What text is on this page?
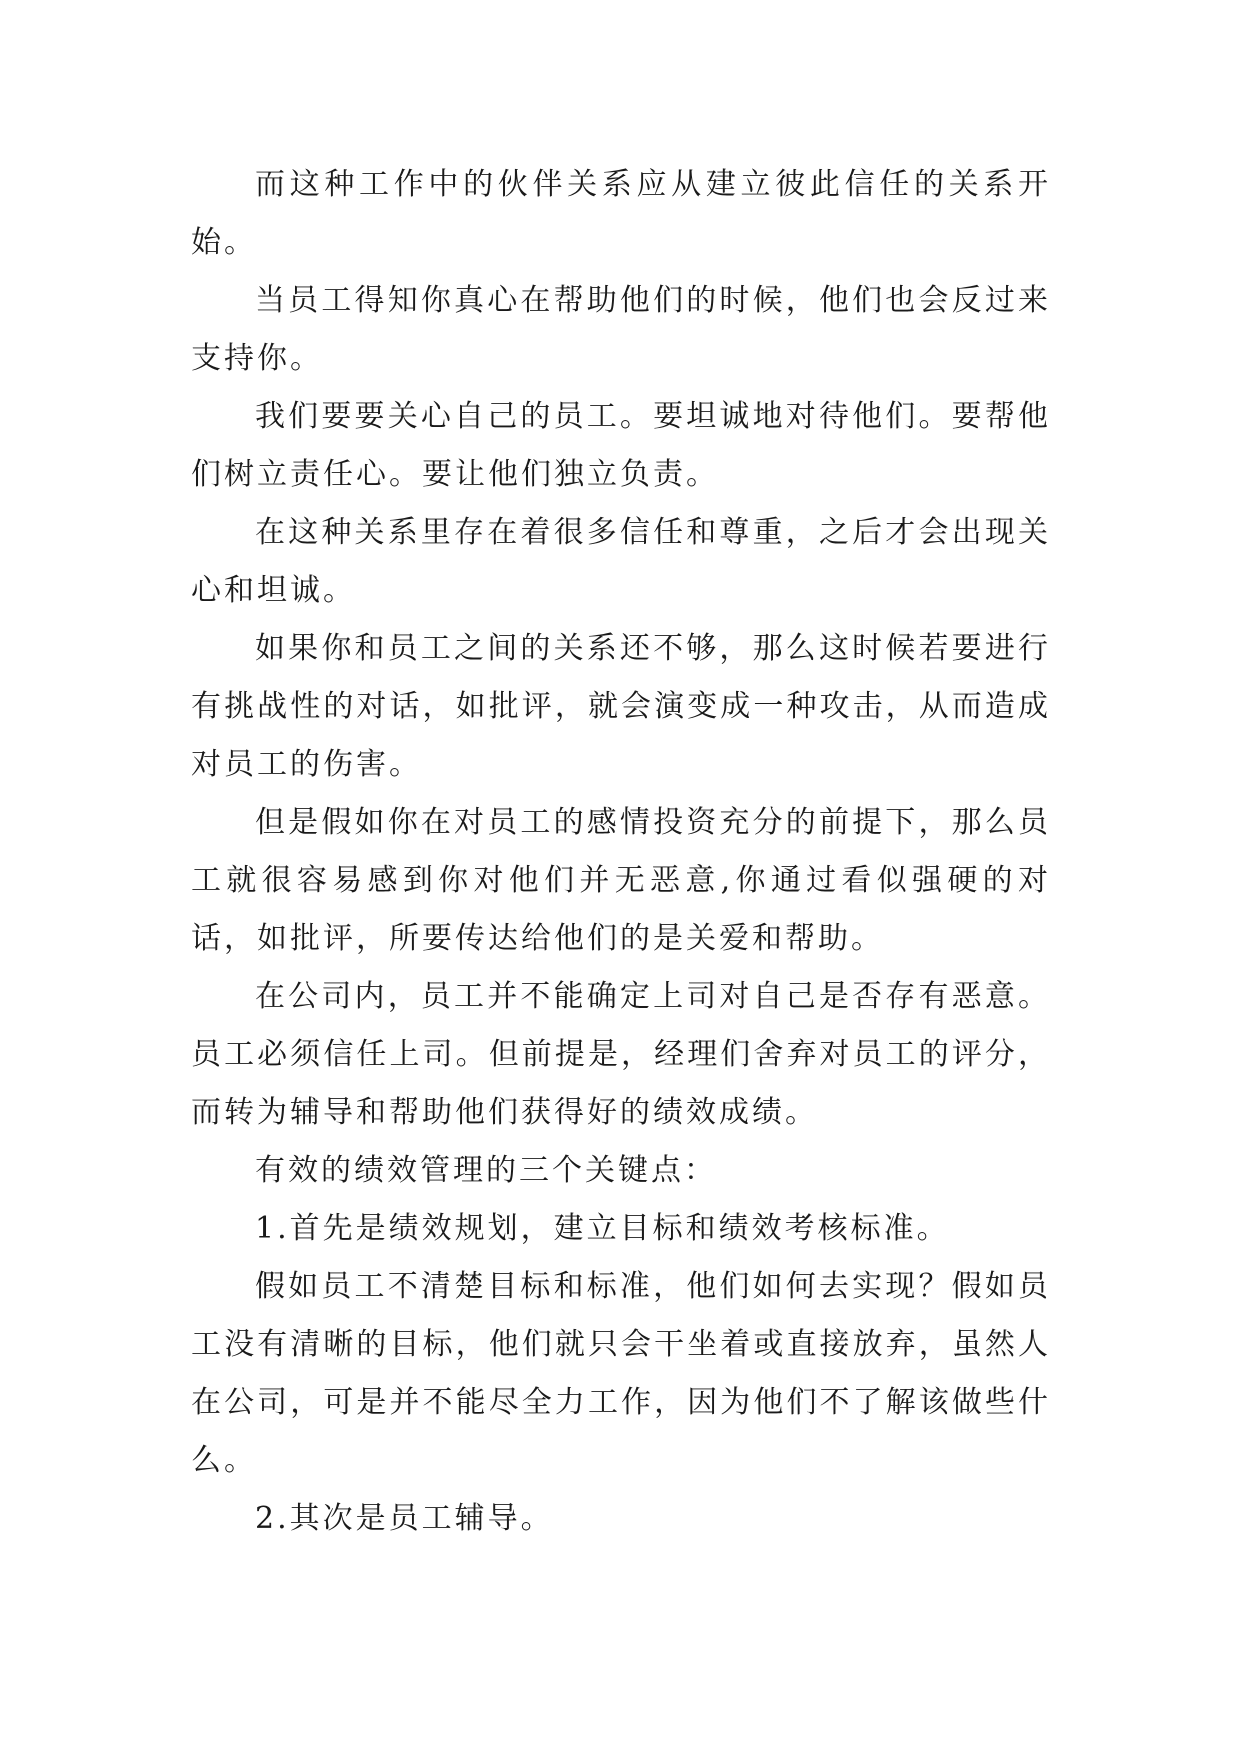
而这种工作中的伙伴关系应从建立彼此信任的关系开始。

当员工得知你真心在帮助他们的时候，他们也会反过来支持你。

我们要要关心自己的员工。要坦诚地对待他们。要帮他们树立责任心。要让他们独立负责。

在这种关系里存在着很多信任和尊重，之后才会出现关心和坦诚。

如果你和员工之间的关系还不够，那么这时候若要进行有挑战性的对话，如批评，就会演变成一种攻击，从而造成对员工的伤害。

但是假如你在对员工的感情投资充分的前提下，那么员工就很容易感到你对他们并无恶意,你通过看似强硬的对话，如批评，所要传达给他们的是关爱和帮助。

在公司内，员工并不能确定上司对自己是否存有恶意。员工必须信任上司。但前提是，经理们舍弃对员工的评分，而转为辅导和帮助他们获得好的绩效成绩。

有效的绩效管理的三个关键点：

1.首先是绩效规划，建立目标和绩效考核标准。

假如员工不清楚目标和标准，他们如何去实现？假如员工没有清晰的目标，他们就只会干坐着或直接放弃，虽然人在公司，可是并不能尽全力工作，因为他们不了解该做些什么。

2.其次是员工辅导。
